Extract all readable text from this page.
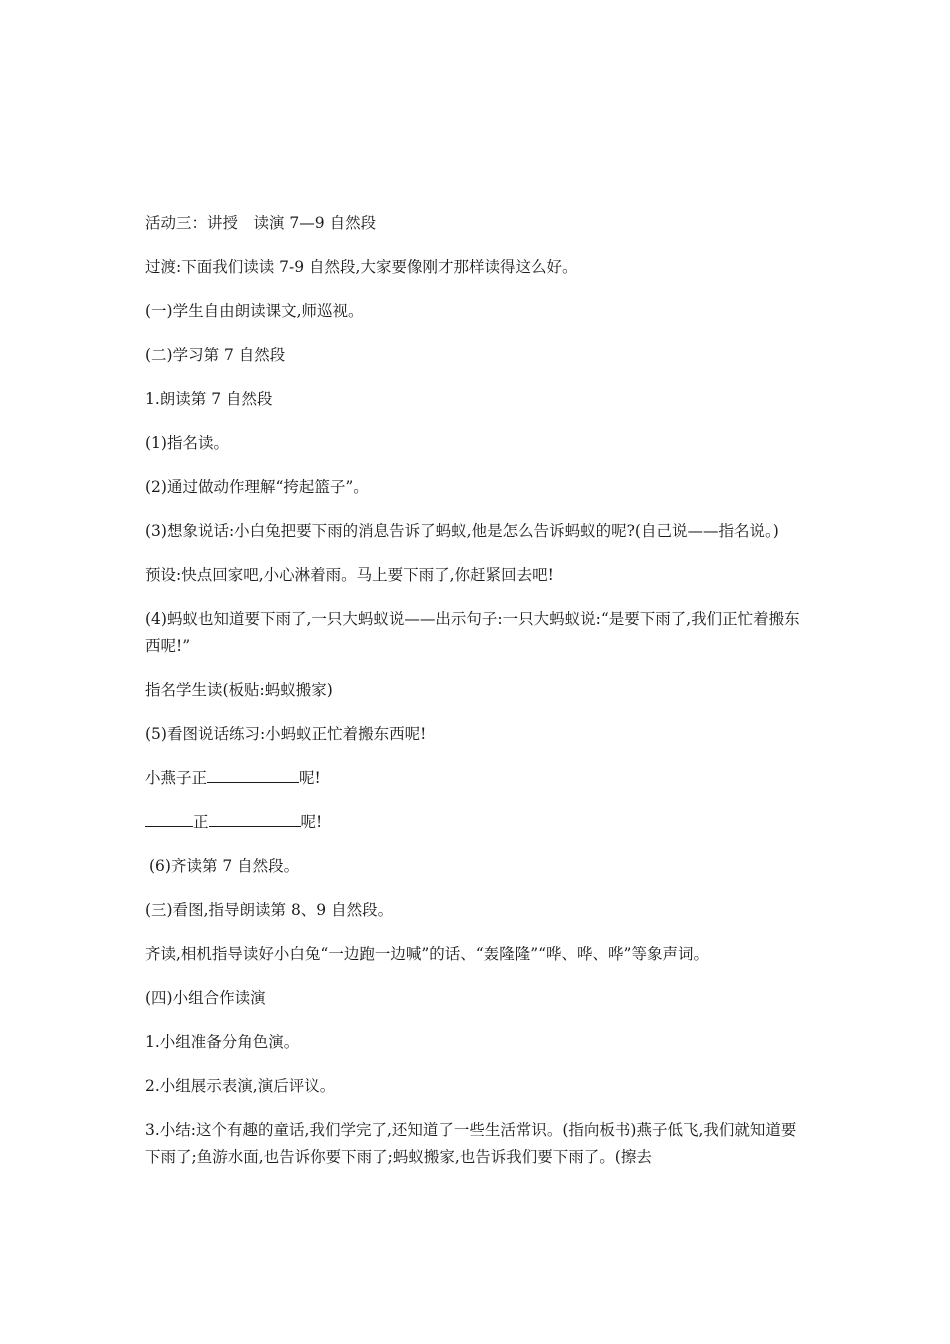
活动三：讲授　读演 7—9 自然段

过渡:下面我们读读 7-9 自然段,大家要像刚才那样读得这么好。

(一)学生自由朗读课文,师巡视。

(二)学习第 7 自然段

1.朗读第 7 自然段

(1)指名读。

(2)通过做动作理解“挎起篮子”。

(3)想象说话:小白兔把要下雨的消息告诉了蚂蚁,他是怎么告诉蚂蚁的呢?(自己说——指名说。)

预设:快点回家吧,小心淋着雨。马上要下雨了,你赶紧回去吧!

(4)蚂蚁也知道要下雨了,一只大蚂蚁说——出示句子:一只大蚂蚁说:“是要下雨了,我们正忙着搬东西呢!”

指名学生读(板贴:蚂蚁搬家)

(5)看图说话练习:小蚂蚁正忙着搬东西呢!

小燕子正	呢!

正	呢!

(6)齐读第 7 自然段。

(三)看图,指导朗读第 8、9 自然段。

齐读,相机指导读好小白兔“一边跑一边喊”的话、“轰隆隆”“哗、哗、哗”等象声词。

(四)小组合作读演

1.小组准备分角色演。

2.小组展示表演,演后评议。

3.小结:这个有趣的童话,我们学完了,还知道了一些生活常识。(指向板书)燕子低飞,我们就知道要下雨了;鱼游水面,也告诉你要下雨了;蚂蚁搬家,也告诉我们要下雨了。(擦去
